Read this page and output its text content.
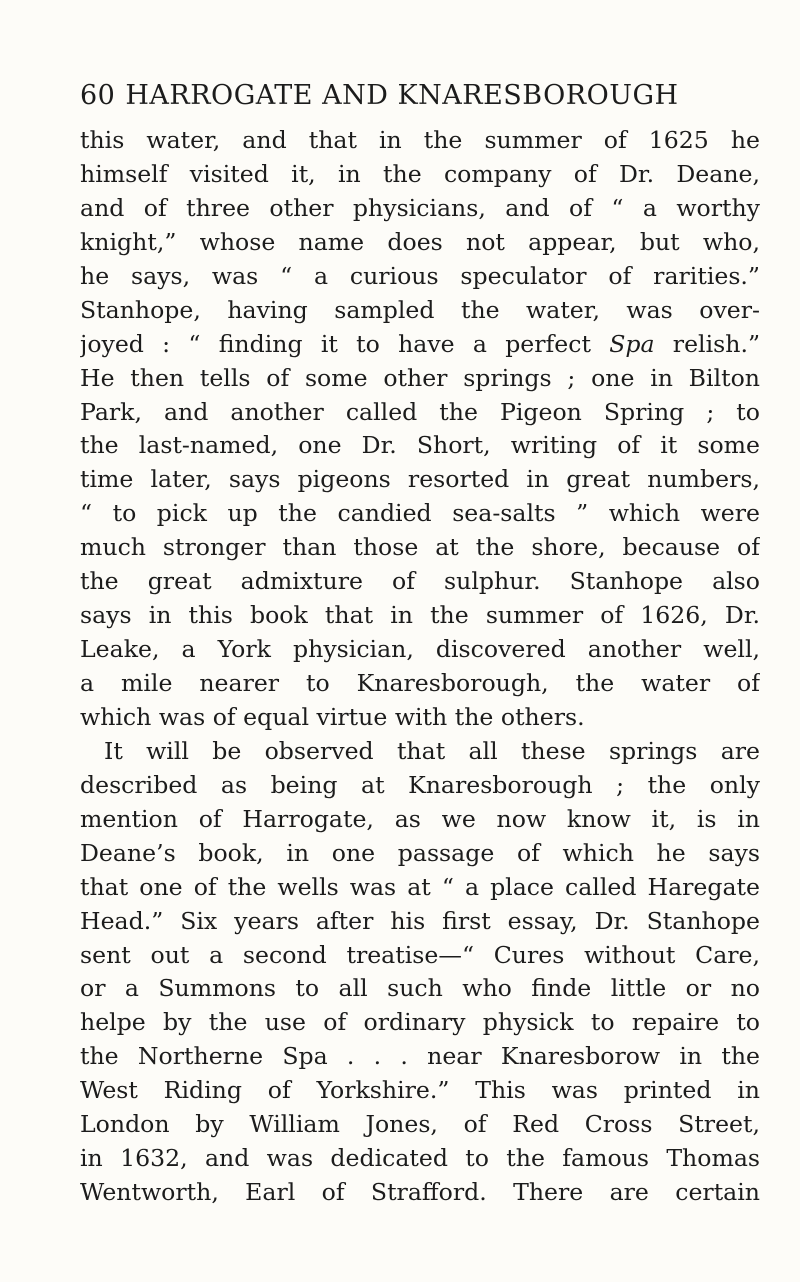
60 HARROGATE AND KNARESBOROUGH
this water, and that in the summer of 1625 he
himself visited it, in the company of Dr. Deane,
and of three other physicians, and of “ a worthy
knight,” whose name does not appear, but who,
he says, was “ a curious speculator of rarities.”
Stanhope, having sampled the water, was over-
joyed : “ finding it to have a perfect Spa relish.”
He then tells of some other springs ; one in Bilton
Park, and another called the Pigeon Spring ; to
the last-named, one Dr. Short, writing of it some
time later, says pigeons resorted in great numbers,
“ to pick up the candied sea-salts ” which were
much stronger than those at the shore, because of
the great admixture of sulphur. Stanhope also
says in this book that in the summer of 1626, Dr.
Leake, a York physician, discovered another well,
a mile nearer to Knaresborough, the water of
which was of equal virtue with the others.
It will be observed that all these springs are
described as being at Knaresborough ; the only
mention of Harrogate, as we now know it, is in
Deane’s book, in one passage of which he says
that one of the wells was at “ a place called Haregate
Head.” Six years after his first essay, Dr. Stanhope
sent out a second treatise—“ Cures without Care,
or a Summons to all such who finde little or no
helpe by the use of ordinary physick to repaire to
the Northerne Spa . . . near Knaresborow in the
West Riding of Yorkshire.” This was printed in
London by William Jones, of Red Cross Street,
in 1632, and was dedicated to the famous Thomas
Wentworth, Earl of Strafford. There are certain
